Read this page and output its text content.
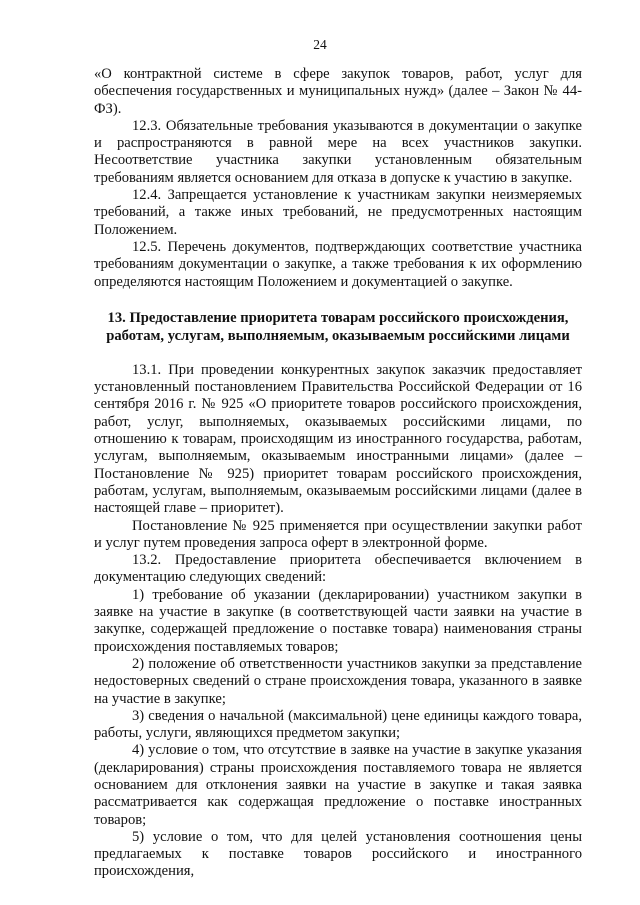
24

«О контрактной системе в сфере закупок товаров, работ, услуг для обеспечения государственных и муниципальных нужд» (далее – Закон № 44-ФЗ).

12.3. Обязательные требования указываются в документации о закупке и распространяются в равной мере на всех участников закупки. Несоответствие участника закупки установленным обязательным требованиям является основанием для отказа в допуске к участию в закупке.

12.4. Запрещается установление к участникам закупки неизмеряемых требований, а также иных требований, не предусмотренных настоящим Положением.

12.5. Перечень документов, подтверждающих соответствие участника требованиям документации о закупке, а также требования к их оформлению определяются настоящим Положением и документацией о закупке.

13. Предоставление приоритета товарам российского происхождения, работам, услугам, выполняемым, оказываемым российскими лицами

13.1. При проведении конкурентных закупок заказчик предоставляет установленный постановлением Правительства Российской Федерации от 16 сентября 2016 г. № 925 «О приоритете товаров российского происхождения, работ, услуг, выполняемых, оказываемых российскими лицами, по отношению к товарам, происходящим из иностранного государства, работам, услугам, выполняемым, оказываемым иностранными лицами» (далее – Постановление № 925) приоритет товарам российского происхождения, работам, услугам, выполняемым, оказываемым российскими лицами (далее в настоящей главе – приоритет).

Постановление № 925 применяется при осуществлении закупки работ и услуг путем проведения запроса оферт в электронной форме.

13.2. Предоставление приоритета обеспечивается включением в документацию следующих сведений:

1) требование об указании (декларировании) участником закупки в заявке на участие в закупке (в соответствующей части заявки на участие в закупке, содержащей предложение о поставке товара) наименования страны происхождения поставляемых товаров;

2) положение об ответственности участников закупки за представление недостоверных сведений о стране происхождения товара, указанного в заявке на участие в закупке;

3) сведения о начальной (максимальной) цене единицы каждого товара, работы, услуги, являющихся предметом закупки;

4) условие о том, что отсутствие в заявке на участие в закупке указания (декларирования) страны происхождения поставляемого товара не является основанием для отклонения заявки на участие в закупке и такая заявка рассматривается как содержащая предложение о поставке иностранных товаров;

5) условие о том, что для целей установления соотношения цены предлагаемых к поставке товаров российского и иностранного происхождения,
